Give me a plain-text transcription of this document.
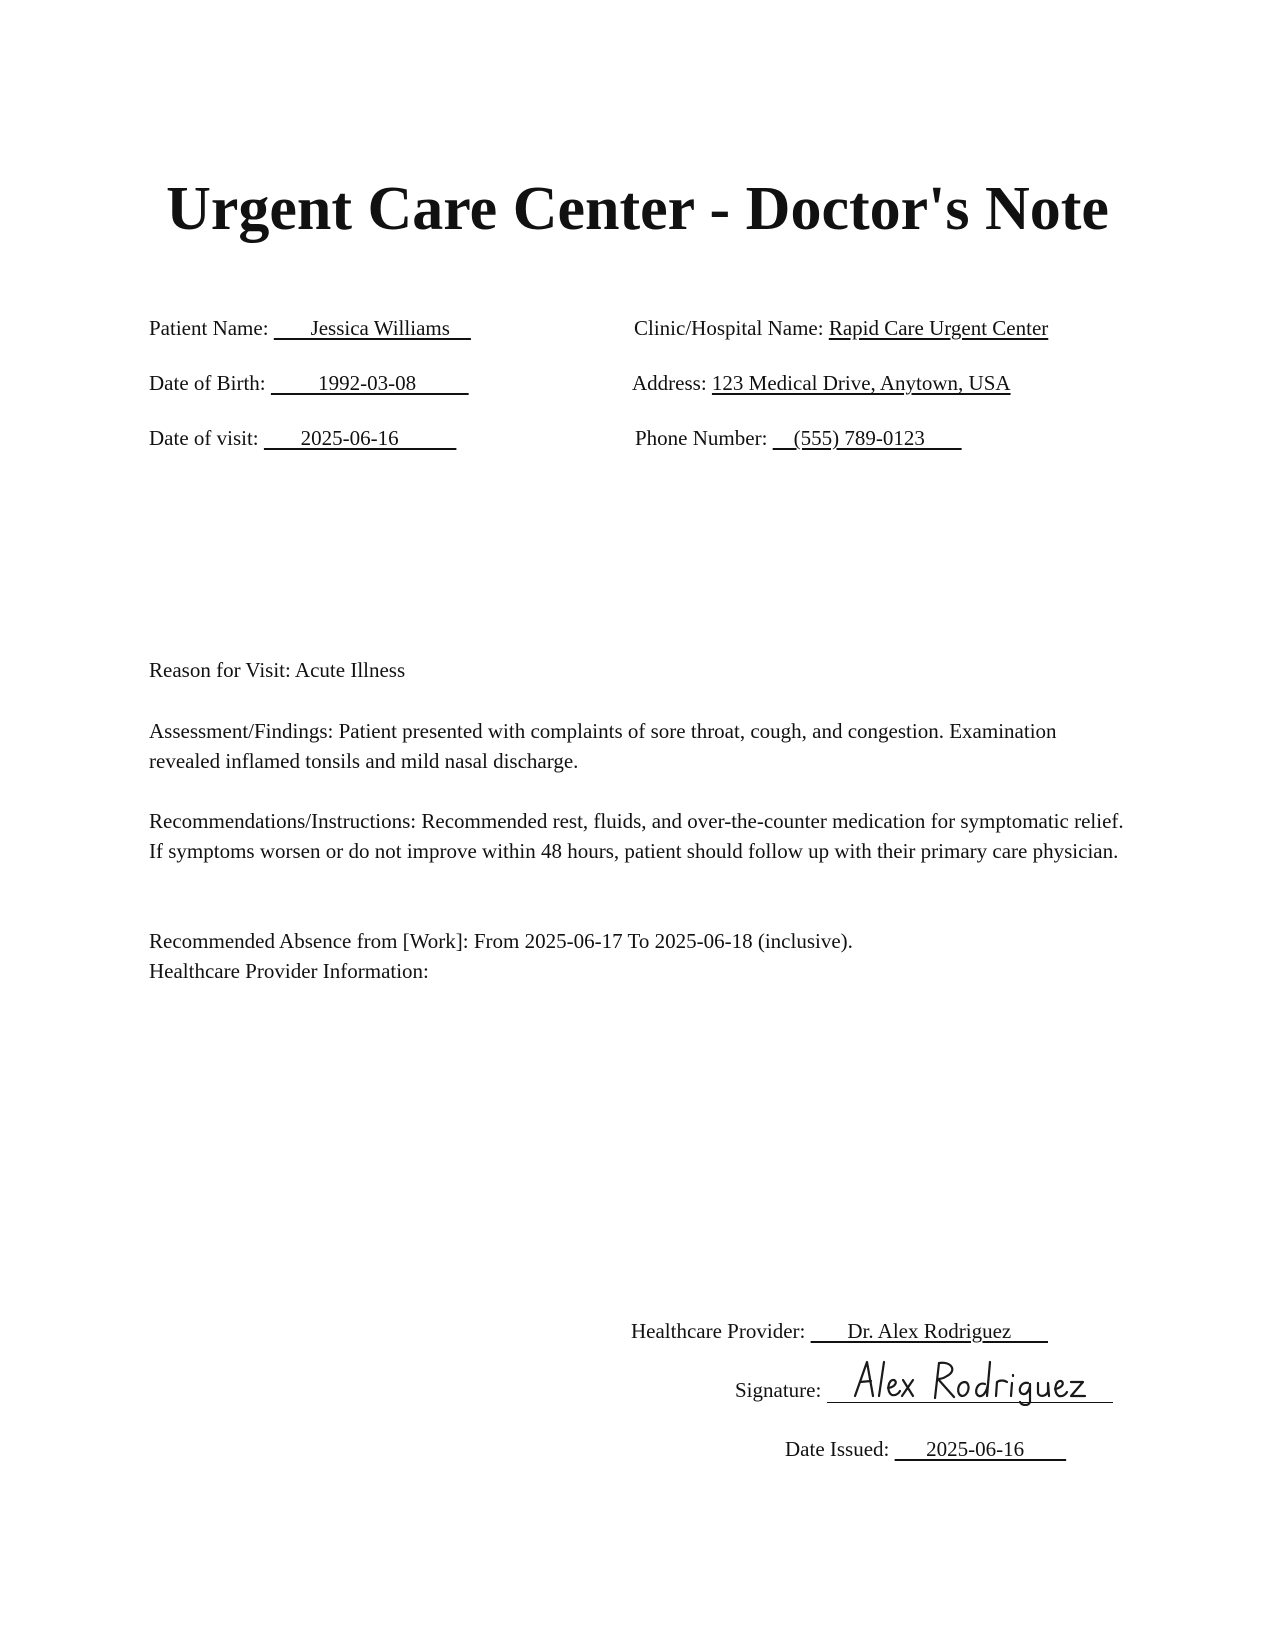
Urgent Care Center - Doctor's Note
Patient Name:        Jessica Williams
Date of Birth:          1992-03-08
Date of visit:        2025-06-16
Clinic/Hospital Name: Rapid Care Urgent Center
Address: 123 Medical Drive, Anytown, USA
Phone Number:     (555) 789-0123

Reason for Visit: Acute Illness

Assessment/Findings: Patient presented with complaints of sore throat, cough, and congestion. Examination revealed inflamed tonsils and mild nasal discharge.

Recommendations/Instructions: Recommended rest, fluids, and over-the-counter medication for symptomatic relief. If symptoms worsen or do not improve within 48 hours, patient should follow up with their primary care physician.

Recommended Absence from [Work]: From 2025-06-17 To 2025-06-18 (inclusive).

Healthcare Provider Information:

Healthcare Provider:        Dr. Alex Rodriguez
Signature:
Date Issued:       2025-06-16
